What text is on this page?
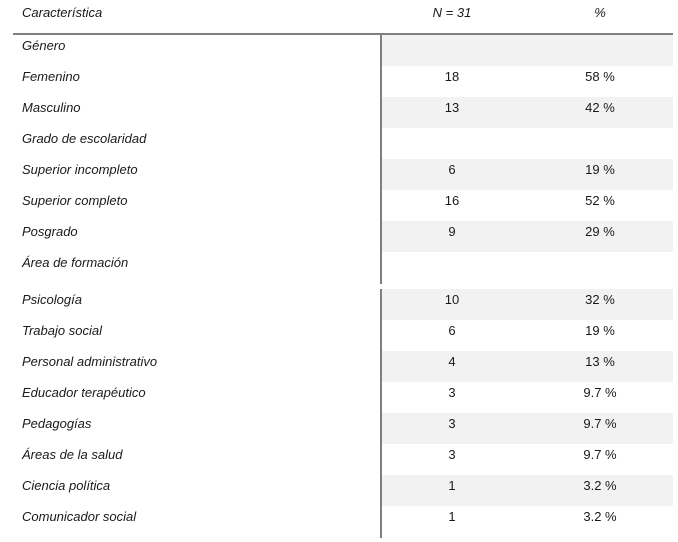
Característica	N = 31	%
Género
Femenino	18	58 %
Masculino	13	42 %
Grado de escolaridad
Superior incompleto	6	19 %
Superior completo	16	52 %
Posgrado	9	29 %
Área de formación
Psicología	10	32 %
Trabajo social	6	19 %
Personal administrativo	4	13 %
Educador terapéutico	3	9.7 %
Pedagogías	3	9.7 %
Áreas de la salud	3	9.7 %
Ciencia política	1	3.2 %
Comunicador social	1	3.2 %
